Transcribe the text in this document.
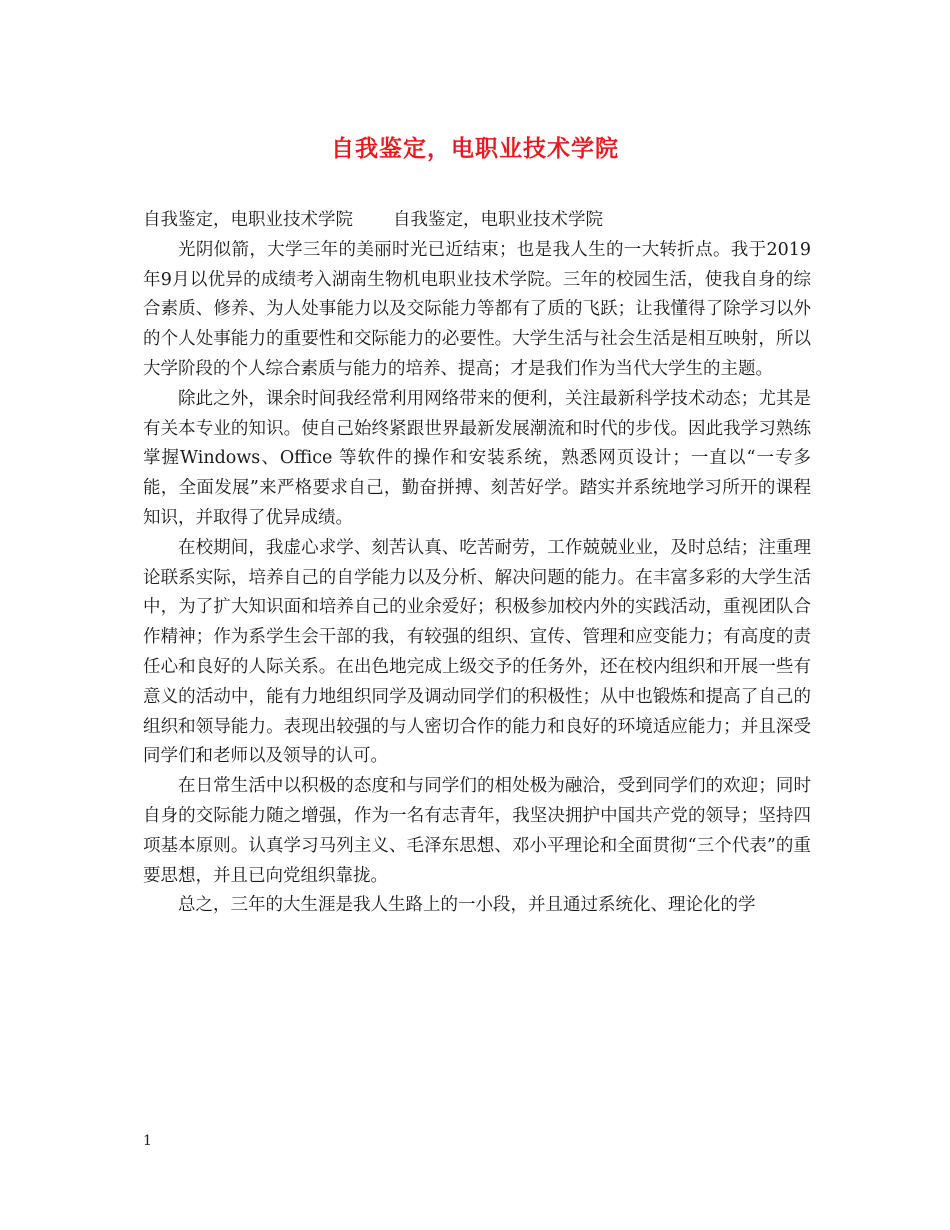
自我鉴定，电职业技术学院

自我鉴定，电职业技术学院 自我鉴定，电职业技术学院

光阴似箭，大学三年的美丽时光已近结束；也是我人生的一大转折点。我于2019年9月以优异的成绩考入湖南生物机电职业技术学院。三年的校园生活，使我自身的综合素质、修养、为人处事能力以及交际能力等都有了质的飞跃；让我懂得了除学习以外的个人处事能力的重要性和交际能力的必要性。大学生活与社会生活是相互映射，所以大学阶段的个人综合素质与能力的培养、提高；才是我们作为当代大学生的主题。

除此之外，课余时间我经常利用网络带来的便利，关注最新科学技术动态；尤其是有关本专业的知识。使自己始终紧跟世界最新发展潮流和时代的步伐。因此我学习熟练掌握Windows、Office 等软件的操作和安装系统，熟悉网页设计；一直以“一专多能，全面发展”来严格要求自己，勤奋拼搏、刻苦好学。踏实并系统地学习所开的课程知识，并取得了优异成绩。

在校期间，我虚心求学、刻苦认真、吃苦耐劳，工作兢兢业业，及时总结；注重理论联系实际，培养自己的自学能力以及分析、解决问题的能力。在丰富多彩的大学生活中，为了扩大知识面和培养自己的业余爱好；积极参加校内外的实践活动，重视团队合作精神；作为系学生会干部的我，有较强的组织、宣传、管理和应变能力；有高度的责任心和良好的人际关系。在出色地完成上级交予的任务外，还在校内组织和开展一些有意义的活动中，能有力地组织同学及调动同学们的积极性；从中也锻炼和提高了自己的组织和领导能力。表现出较强的与人密切合作的能力和良好的环境适应能力；并且深受同学们和老师以及领导的认可。

在日常生活中以积极的态度和与同学们的相处极为融洽，受到同学们的欢迎；同时自身的交际能力随之增强，作为一名有志青年，我坚决拥护中国共产党的领导；坚持四项基本原则。认真学习马列主义、毛泽东思想、邓小平理论和全面贯彻“三个代表”的重要思想，并且已向党组织靠拢。

总之，三年的大生涯是我人生路上的一小段，并且通过系统化、理论化的学

1
